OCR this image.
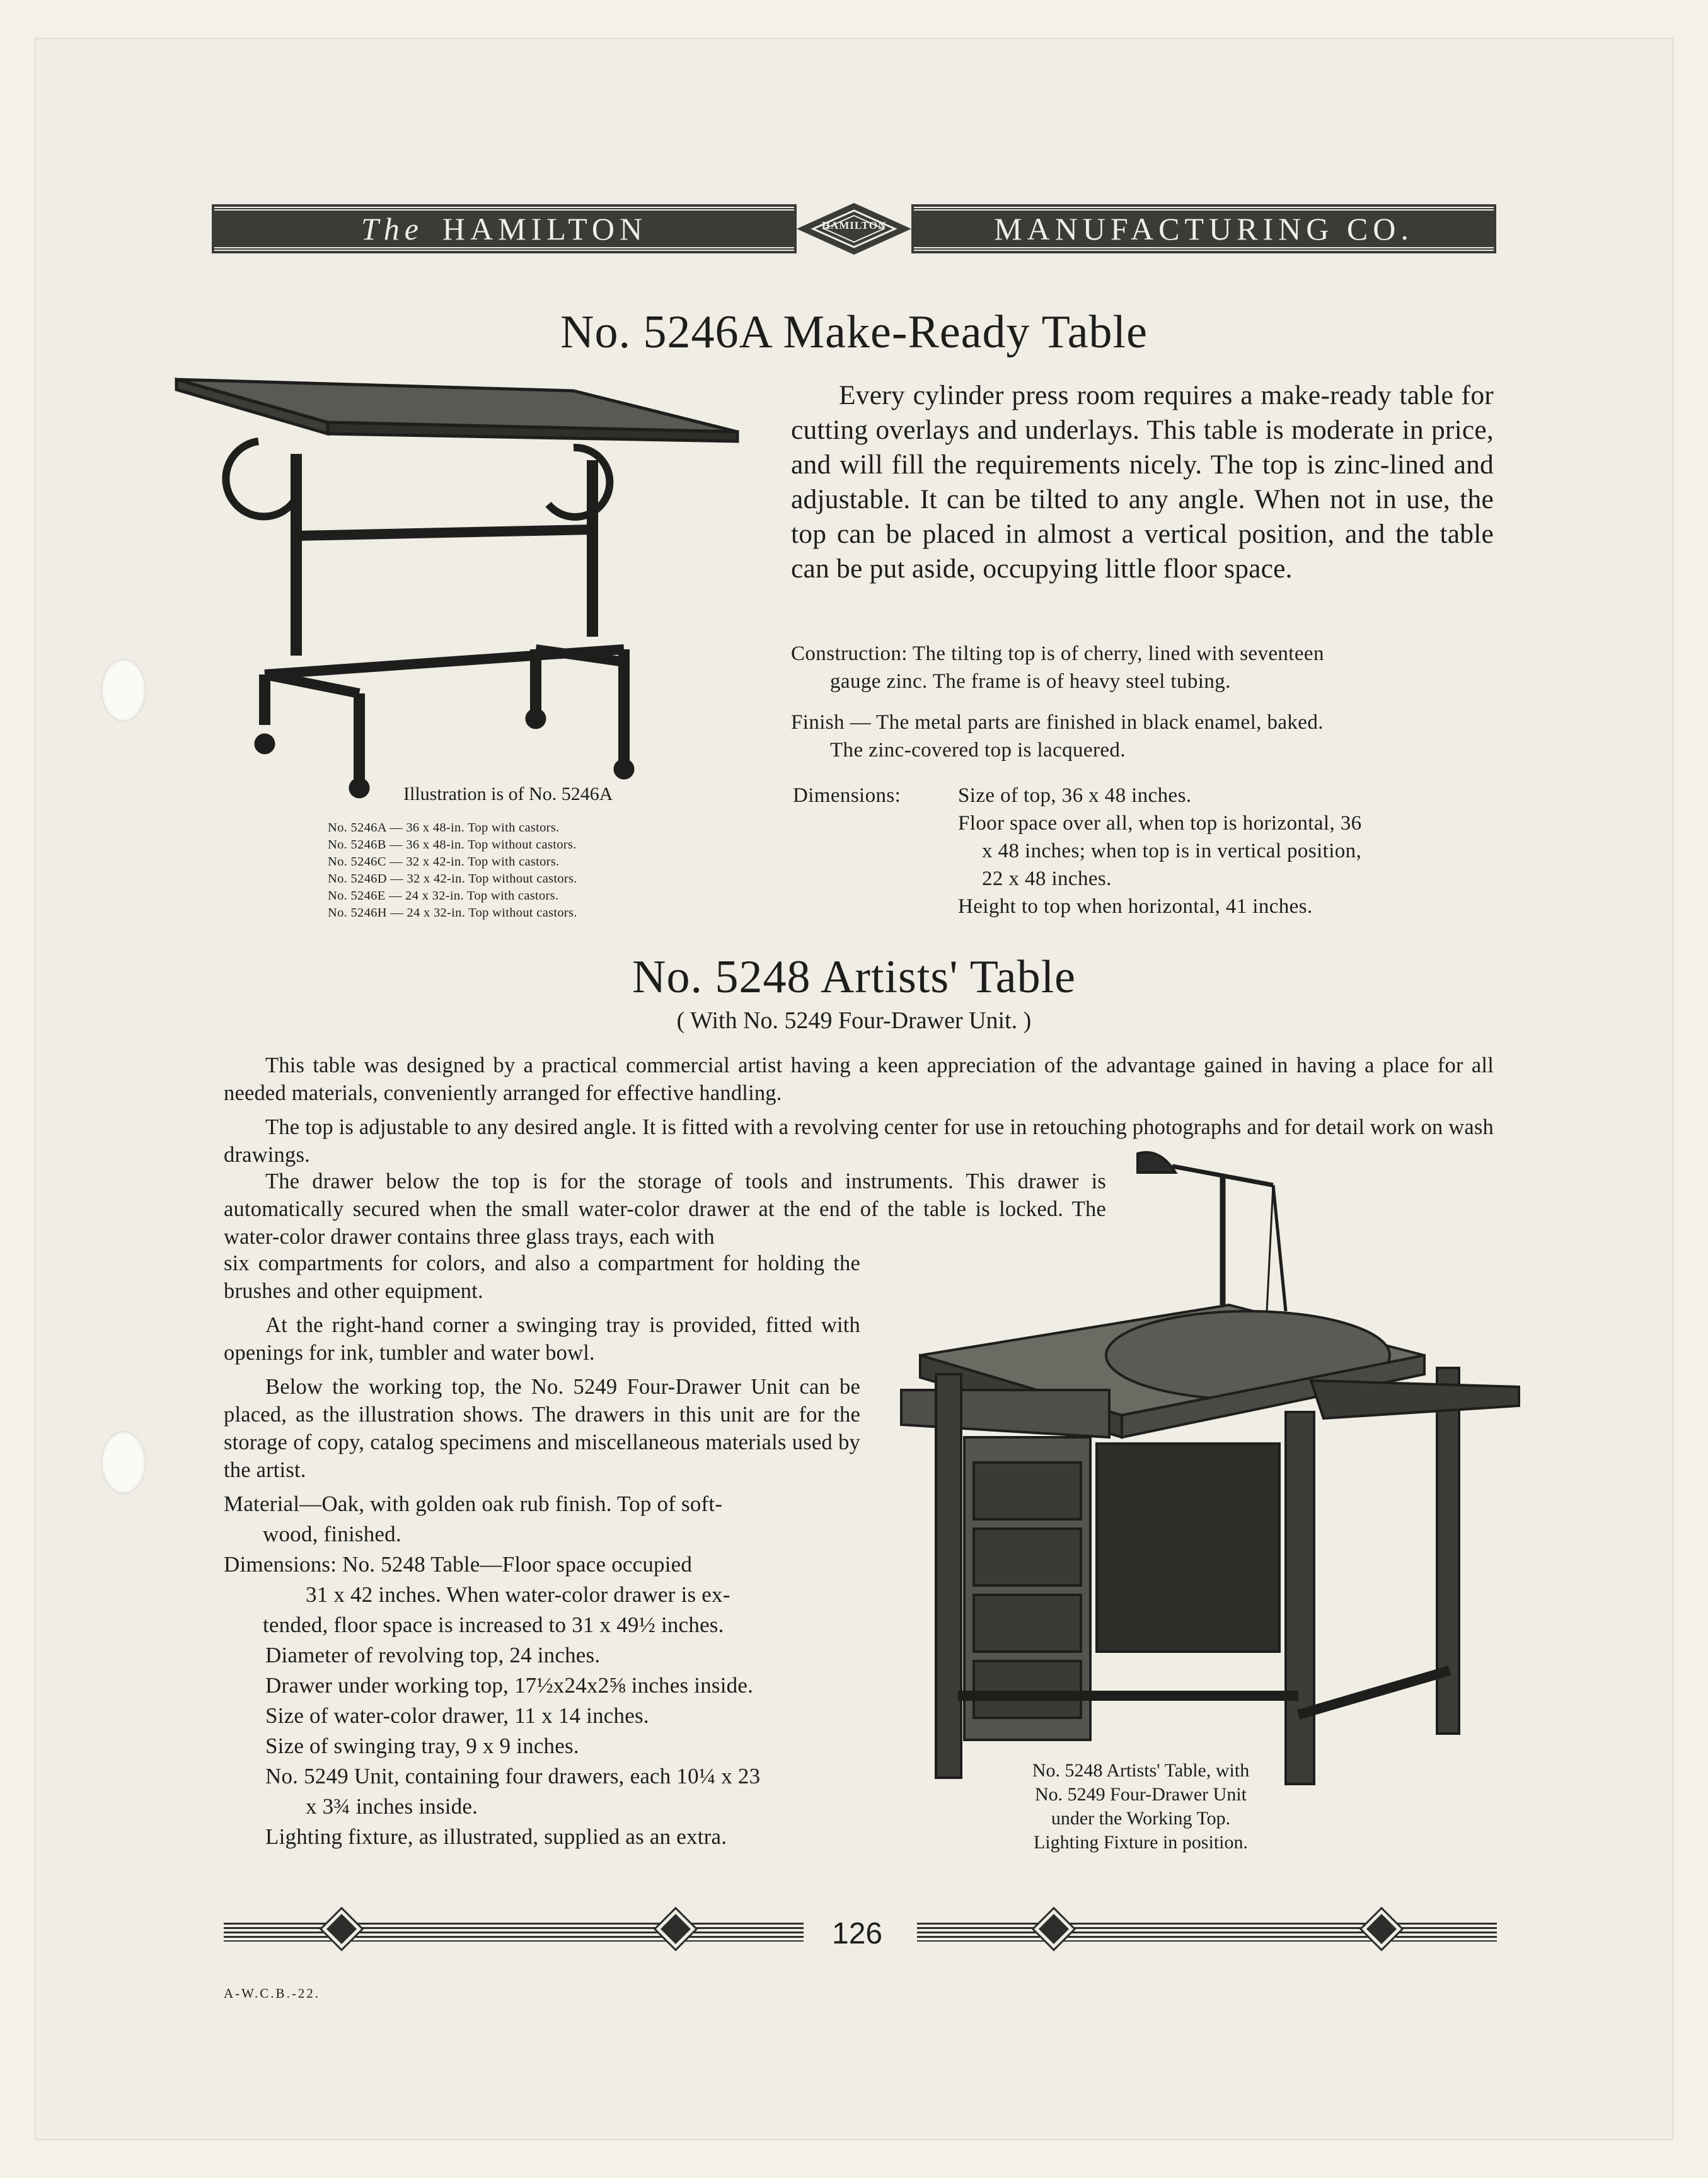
The HAMILTON	HAMILTON	MANUFACTURING CO.
No. 5246A Make-Ready Table
Illustration is of No. 5246A
No. 5246A — 36 x 48-in. Top with castors.
No. 5246B — 36 x 48-in. Top without castors.
No. 5246C — 32 x 42-in. Top with castors.
No. 5246D — 32 x 42-in. Top without castors.
No. 5246E — 24 x 32-in. Top with castors.
No. 5246H — 24 x 32-in. Top without castors.
Every cylinder press room requires a make-ready table for cutting overlays and underlays. This table is moderate in price, and will fill the requirements nicely. The top is zinc-lined and adjustable. It can be tilted to any angle. When not in use, the top can be placed in almost a vertical position, and the table can be put aside, occupying little floor space.
Construction: The tilting top is of cherry, lined with seventeen
gauge zinc. The frame is of heavy steel tubing.
Finish — The metal parts are finished in black enamel, baked.
The zinc-covered top is lacquered.
Dimensions:	Size of top, 36 x 48 inches.
Floor space over all, when top is horizontal, 36
x 48 inches; when top is in vertical position,
22 x 48 inches.
Height to top when horizontal, 41 inches.
No. 5248 Artists' Table
( With No. 5249 Four-Drawer Unit. )

This table was designed by a practical commercial artist having a keen appreciation of the advantage gained in having a place for all needed materials, conveniently arranged for effective handling.

The top is adjustable to any desired angle. It is fitted with a revolving center for use in retouching photographs and for detail work on wash drawings.

The drawer below the top is for the storage of tools and instruments. This drawer is automatically secured when the small water-color drawer at the end of the table is locked. The water-color drawer contains three glass trays, each with

six compartments for colors, and also a compartment for holding the brushes and other equipment.

At the right-hand corner a swinging tray is provided, fitted with openings for ink, tumbler and water bowl.

Below the working top, the No. 5249 Four-Drawer Unit can be placed, as the illustration shows. The drawers in this unit are for the storage of copy, catalog specimens and miscellaneous materials used by the artist.

Material—Oak, with golden oak rub finish. Top of soft-
wood, finished.
Dimensions: No. 5248 Table—Floor space occupied
31 x 42 inches. When water-color drawer is ex-
tended, floor space is increased to 31 x 49½ inches.
Diameter of revolving top, 24 inches.
Drawer under working top, 17½x24x2⅝ inches inside.
Size of water-color drawer, 11 x 14 inches.
Size of swinging tray, 9 x 9 inches.
No. 5249 Unit, containing four drawers, each 10¼ x 23
x 3¾ inches inside.
Lighting fixture, as illustrated, supplied as an extra.
No. 5248 Artists' Table, with
No. 5249 Four-Drawer Unit
under the Working Top.
Lighting Fixture in position.
126
A-W.C.B.-22.
